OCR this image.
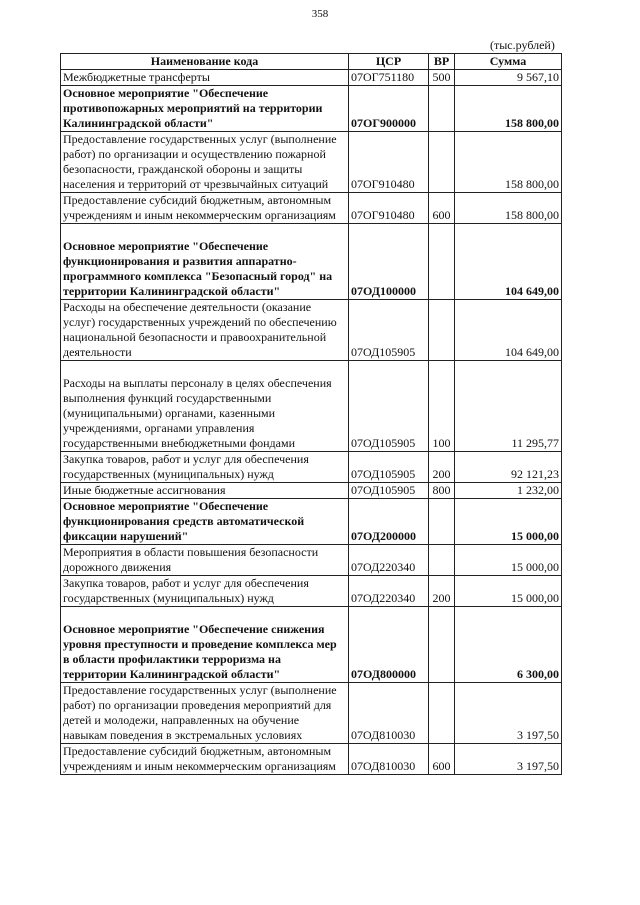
358
(тыс.рублей)
Наименование кода	ЦСР	ВР	Сумма
Межбюджетные трансферты	07ОГ751180	500	9 567,10
Основное мероприятие "Обеспечение противопожарных мероприятий на территории Калининградской области"	07ОГ900000		158 800,00
Предоставление государственных услуг (выполнение работ) по организации и осуществлению пожарной безопасности, гражданской обороны и защиты населения и территорий от чрезвычайных ситуаций	07ОГ910480		158 800,00
Предоставление субсидий бюджетным, автономным учреждениям и иным некоммерческим организациям	07ОГ910480	600	158 800,00
Основное мероприятие "Обеспечение функционирования и развития аппаратно-программного комплекса "Безопасный город" на территории Калининградской области"	07ОД100000		104 649,00
Расходы на обеспечение деятельности (оказание услуг) государственных учреждений по обеспечению национальной безопасности и правоохранительной деятельности	07ОД105905		104 649,00
Расходы на выплаты персоналу в целях обеспечения выполнения функций государственными (муниципальными) органами, казенными учреждениями, органами управления государственными внебюджетными фондами	07ОД105905	100	11 295,77
Закупка товаров, работ и услуг для обеспечения государственных (муниципальных) нужд	07ОД105905	200	92 121,23
Иные бюджетные ассигнования	07ОД105905	800	1 232,00
Основное мероприятие "Обеспечение функционирования средств автоматической фиксации нарушений"	07ОД200000		15 000,00
Мероприятия в области повышения безопасности дорожного движения	07ОД220340		15 000,00
Закупка товаров, работ и услуг для обеспечения государственных (муниципальных) нужд	07ОД220340	200	15 000,00
Основное мероприятие "Обеспечение снижения уровня преступности и проведение комплекса мер в области профилактики терроризма на территории Калининградской области"	07ОД800000		6 300,00
Предоставление государственных услуг (выполнение работ) по организации проведения мероприятий для детей и молодежи, направленных на обучение навыкам поведения в экстремальных условиях	07ОД810030		3 197,50
Предоставление субсидий бюджетным, автономным учреждениям и иным некоммерческим организациям	07ОД810030	600	3 197,50
